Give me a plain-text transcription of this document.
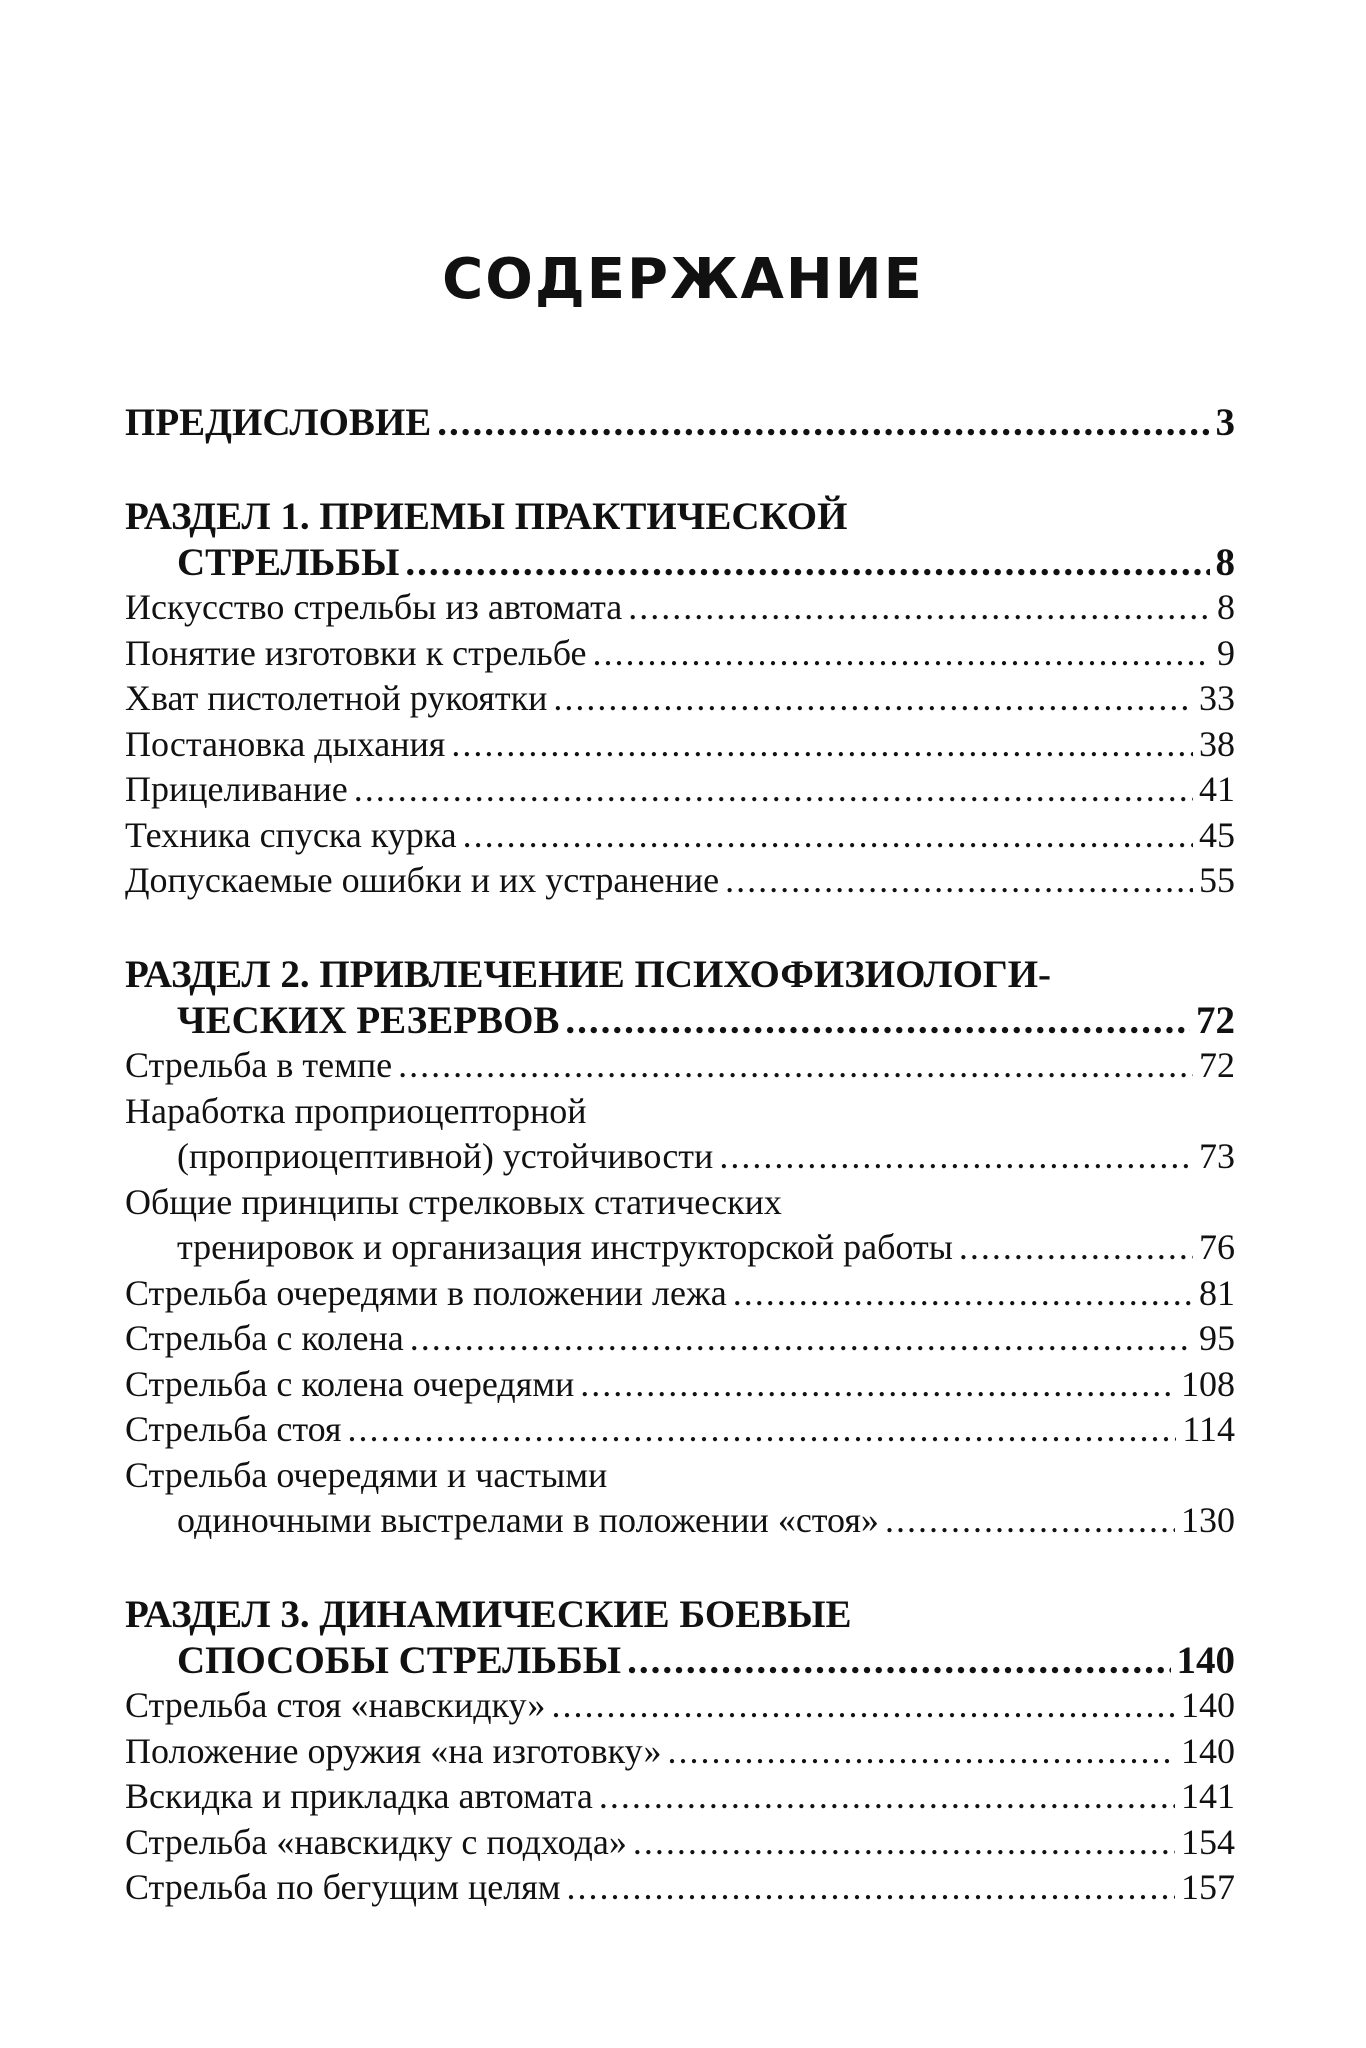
СОДЕРЖАНИЕ
ПРЕДИСЛОВИЕ .....	3
РАЗДЕЛ 1. ПРИЕМЫ ПРАКТИЧЕСКОЙ
СТРЕЛЬБЫ .....	8
Искусство стрельбы из автомата .....	8
Понятие изготовки к стрельбе .....	9
Хват пистолетной рукоятки .....	33
Постановка дыхания .....	38
Прицеливание .....	41
Техника спуска курка .....	45
Допускаемые ошибки и их устранение .....	55
РАЗДЕЛ 2. ПРИВЛЕЧЕНИЕ ПСИХОФИЗИОЛОГИ-
ЧЕСКИХ РЕЗЕРВОВ .....	72
Стрельба в темпе .....	72
Наработка проприоцепторной
(проприоцептивной) устойчивости .....	73
Общие принципы стрелковых статических
тренировок и организация инструкторской работы .....	76
Стрельба очередями в положении лежа .....	81
Стрельба с колена .....	95
Стрельба с колена очередями .....	108
Стрельба стоя .....	114
Стрельба очередями и частыми
одиночными выстрелами в положении «стоя» .....	130
РАЗДЕЛ 3. ДИНАМИЧЕСКИЕ БОЕВЫЕ
СПОСОБЫ СТРЕЛЬБЫ .....	140
Стрельба стоя «навскидку» .....	140
Положение оружия «на изготовку» .....	140
Вскидка и прикладка автомата .....	141
Стрельба «навскидку с подхода» .....	154
Стрельба по бегущим целям .....	157
